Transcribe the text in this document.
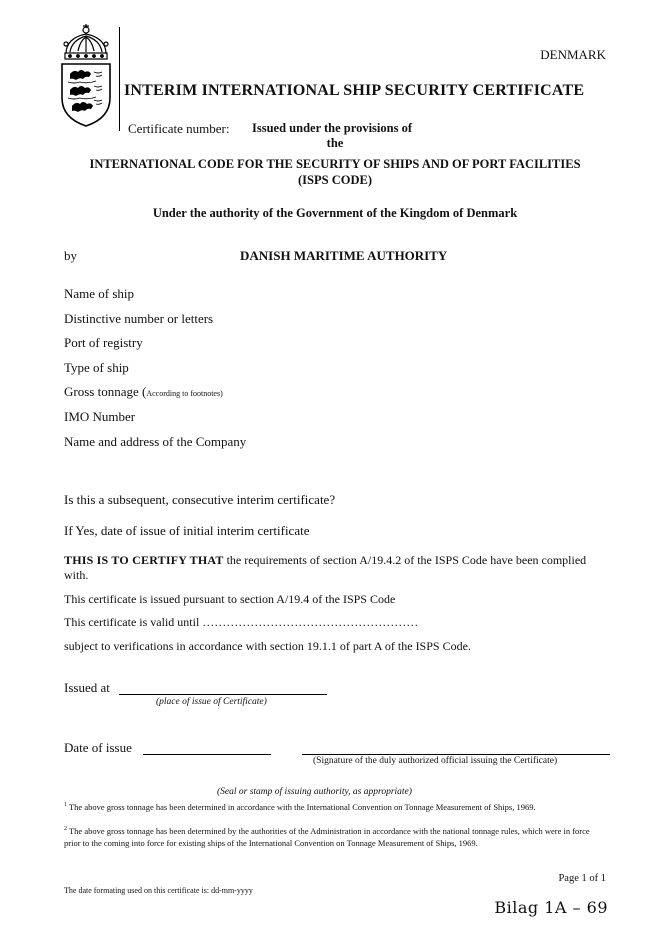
DENMARK
INTERIM INTERNATIONAL SHIP SECURITY CERTIFICATE
Certificate number: Issued under the provisions of
the
INTERNATIONAL CODE FOR THE SECURITY OF SHIPS AND OF PORT FACILITIES
(ISPS CODE)
Under the authority of the Government of the Kingdom of Denmark
by	DANISH MARITIME AUTHORITY
Name of ship
Distinctive number or letters
Port of registry
Type of ship
Gross tonnage (According to footnotes)
IMO Number
Name and address of the Company
Is this a subsequent, consecutive interim certificate?
If Yes, date of issue of initial interim certificate
THIS IS TO CERTIFY THAT the requirements of section A/19.4.2 of the ISPS Code have been complied with.
This certificate is issued pursuant to section A/19.4 of the ISPS Code
This certificate is valid until ………………………………………………
subject to verifications in accordance with section 19.1.1 of part A of the ISPS Code.
Issued at
(place of issue of Certificate)
Date of issue
(Signature of the duly authorized official issuing the Certificate)
(Seal or stamp of issuing authority, as appropriate)
$^1$ The above gross tonnage has been determined in accordance with the International Convention on Tonnage Measurement of Ships, 1969.
$^2$ The above gross tonnage has been determined by the authorities of the Administration in accordance with the national tonnage rules, which were in force prior to the coming into force for existing ships of the International Convention on Tonnage Measurement of Ships, 1969.
Page 1 of 1
The date formating used on this certificate is: dd-mm-yyyy
Bilag 1A – 69
